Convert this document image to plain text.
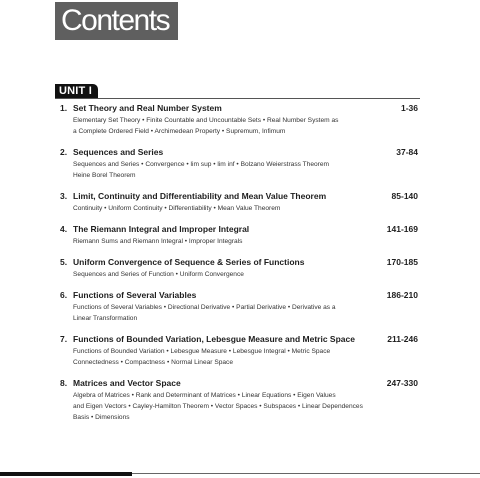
Contents
UNIT I
1. Set Theory and Real Number System	1-36
Elementary Set Theory • Finite Countable and Uncountable Sets • Real Number System as
a Complete Ordered Field • Archimedean Property • Supremum, Infimum
2. Sequences and Series	37-84
Sequences and Series • Convergence • lim sup • lim inf • Bolzano Weierstrass Theorem
Heine Borel Theorem
3. Limit, Continuity and Differentiability and Mean Value Theorem	85-140
Continuity • Uniform Continuity • Differentiability • Mean Value Theorem
4. The Riemann Integral and Improper Integral	141-169
Riemann Sums and Riemann Integral • Improper Integrals
5. Uniform Convergence of Sequence & Series of Functions	170-185
Sequences and Series of Function • Uniform Convergence
6. Functions of Several Variables	186-210
Functions of Several Variables • Directional Derivative • Partial Derivative • Derivative as a
Linear Transformation
7. Functions of Bounded Variation, Lebesgue Measure and Metric Space	211-246
Functions of Bounded Variation • Lebesgue Measure • Lebesgue Integral • Metric Space
Connectedness • Compactness • Normal Linear Space
8. Matrices and Vector Space	247-330
Algebra of Matrices • Rank and Determinant of Matrices • Linear Equations • Eigen Values
and Eigen Vectors • Cayley-Hamilton Theorem • Vector Spaces • Subspaces • Linear Dependences
Basis • Dimensions
